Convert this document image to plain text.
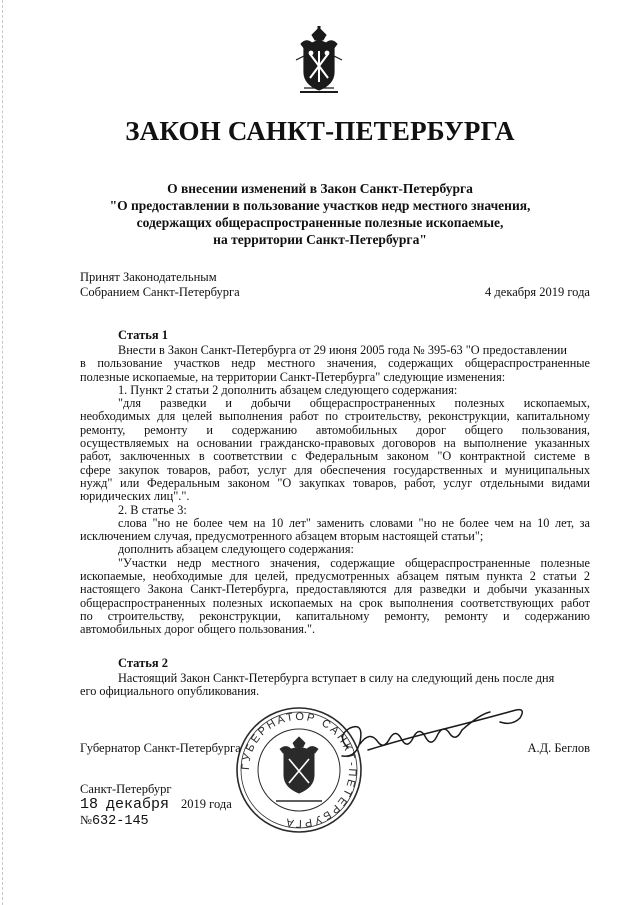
ЗАКОН САНКТ-ПЕТЕРБУРГА
О внесении изменений в Закон Санкт-Петербурга
"О предоставлении в пользование участков недр местного значения,
содержащих общераспространенные полезные ископаемые,
на территории Санкт-Петербурга"
Принят Законодательным
Собранием Санкт-Петербурга	4 декабря 2019 года
Статья 1
Внести в Закон Санкт-Петербурга от 29 июня 2005 года № 395-63 "О предоставлении
в пользование участков недр местного значения, содержащих общераспространенные
полезные ископаемые, на территории Санкт-Петербурга" следующие изменения:
1. Пункт 2 статьи 2 дополнить абзацем следующего содержания:
"для разведки и добычи общераспространенных полезных ископаемых,
необходимых для целей выполнения работ по строительству, реконструкции, капитальному
ремонту, ремонту и содержанию автомобильных дорог общего пользования,
осуществляемых на основании гражданско-правовых договоров на выполнение указанных
работ, заключенных в соответствии с Федеральным законом "О контрактной системе в
сфере закупок товаров, работ, услуг для обеспечения государственных и муниципальных
нужд" или Федеральным законом "О закупках товаров, работ, услуг отдельными видами
юридических лиц".".
2. В статье 3:
слова "но не более чем на 10 лет" заменить словами "но не более чем на 10 лет, за
исключением случая, предусмотренного абзацем вторым настоящей статьи";
дополнить абзацем следующего содержания:
"Участки недр местного значения, содержащие общераспространенные полезные
ископаемые, необходимые для целей, предусмотренных абзацем пятым пункта 2 статьи 2
настоящего Закона Санкт-Петербурга, предоставляются для разведки и добычи указанных
общераспространенных полезных ископаемых на срок выполнения соответствующих работ
по строительству, реконструкции, капитальному ремонту, ремонту и содержанию
автомобильных дорог общего пользования.".
Статья 2
Настоящий Закон Санкт-Петербурга вступает в силу на следующий день после дня
его официального опубликования.
ГУБЕРНАТОР САНКТ-ПЕТЕРБУРГА
Губернатор Санкт-Петербурга	А.Д. Беглов
Санкт-Петербург
18 декабря 2019 года
№632-145
